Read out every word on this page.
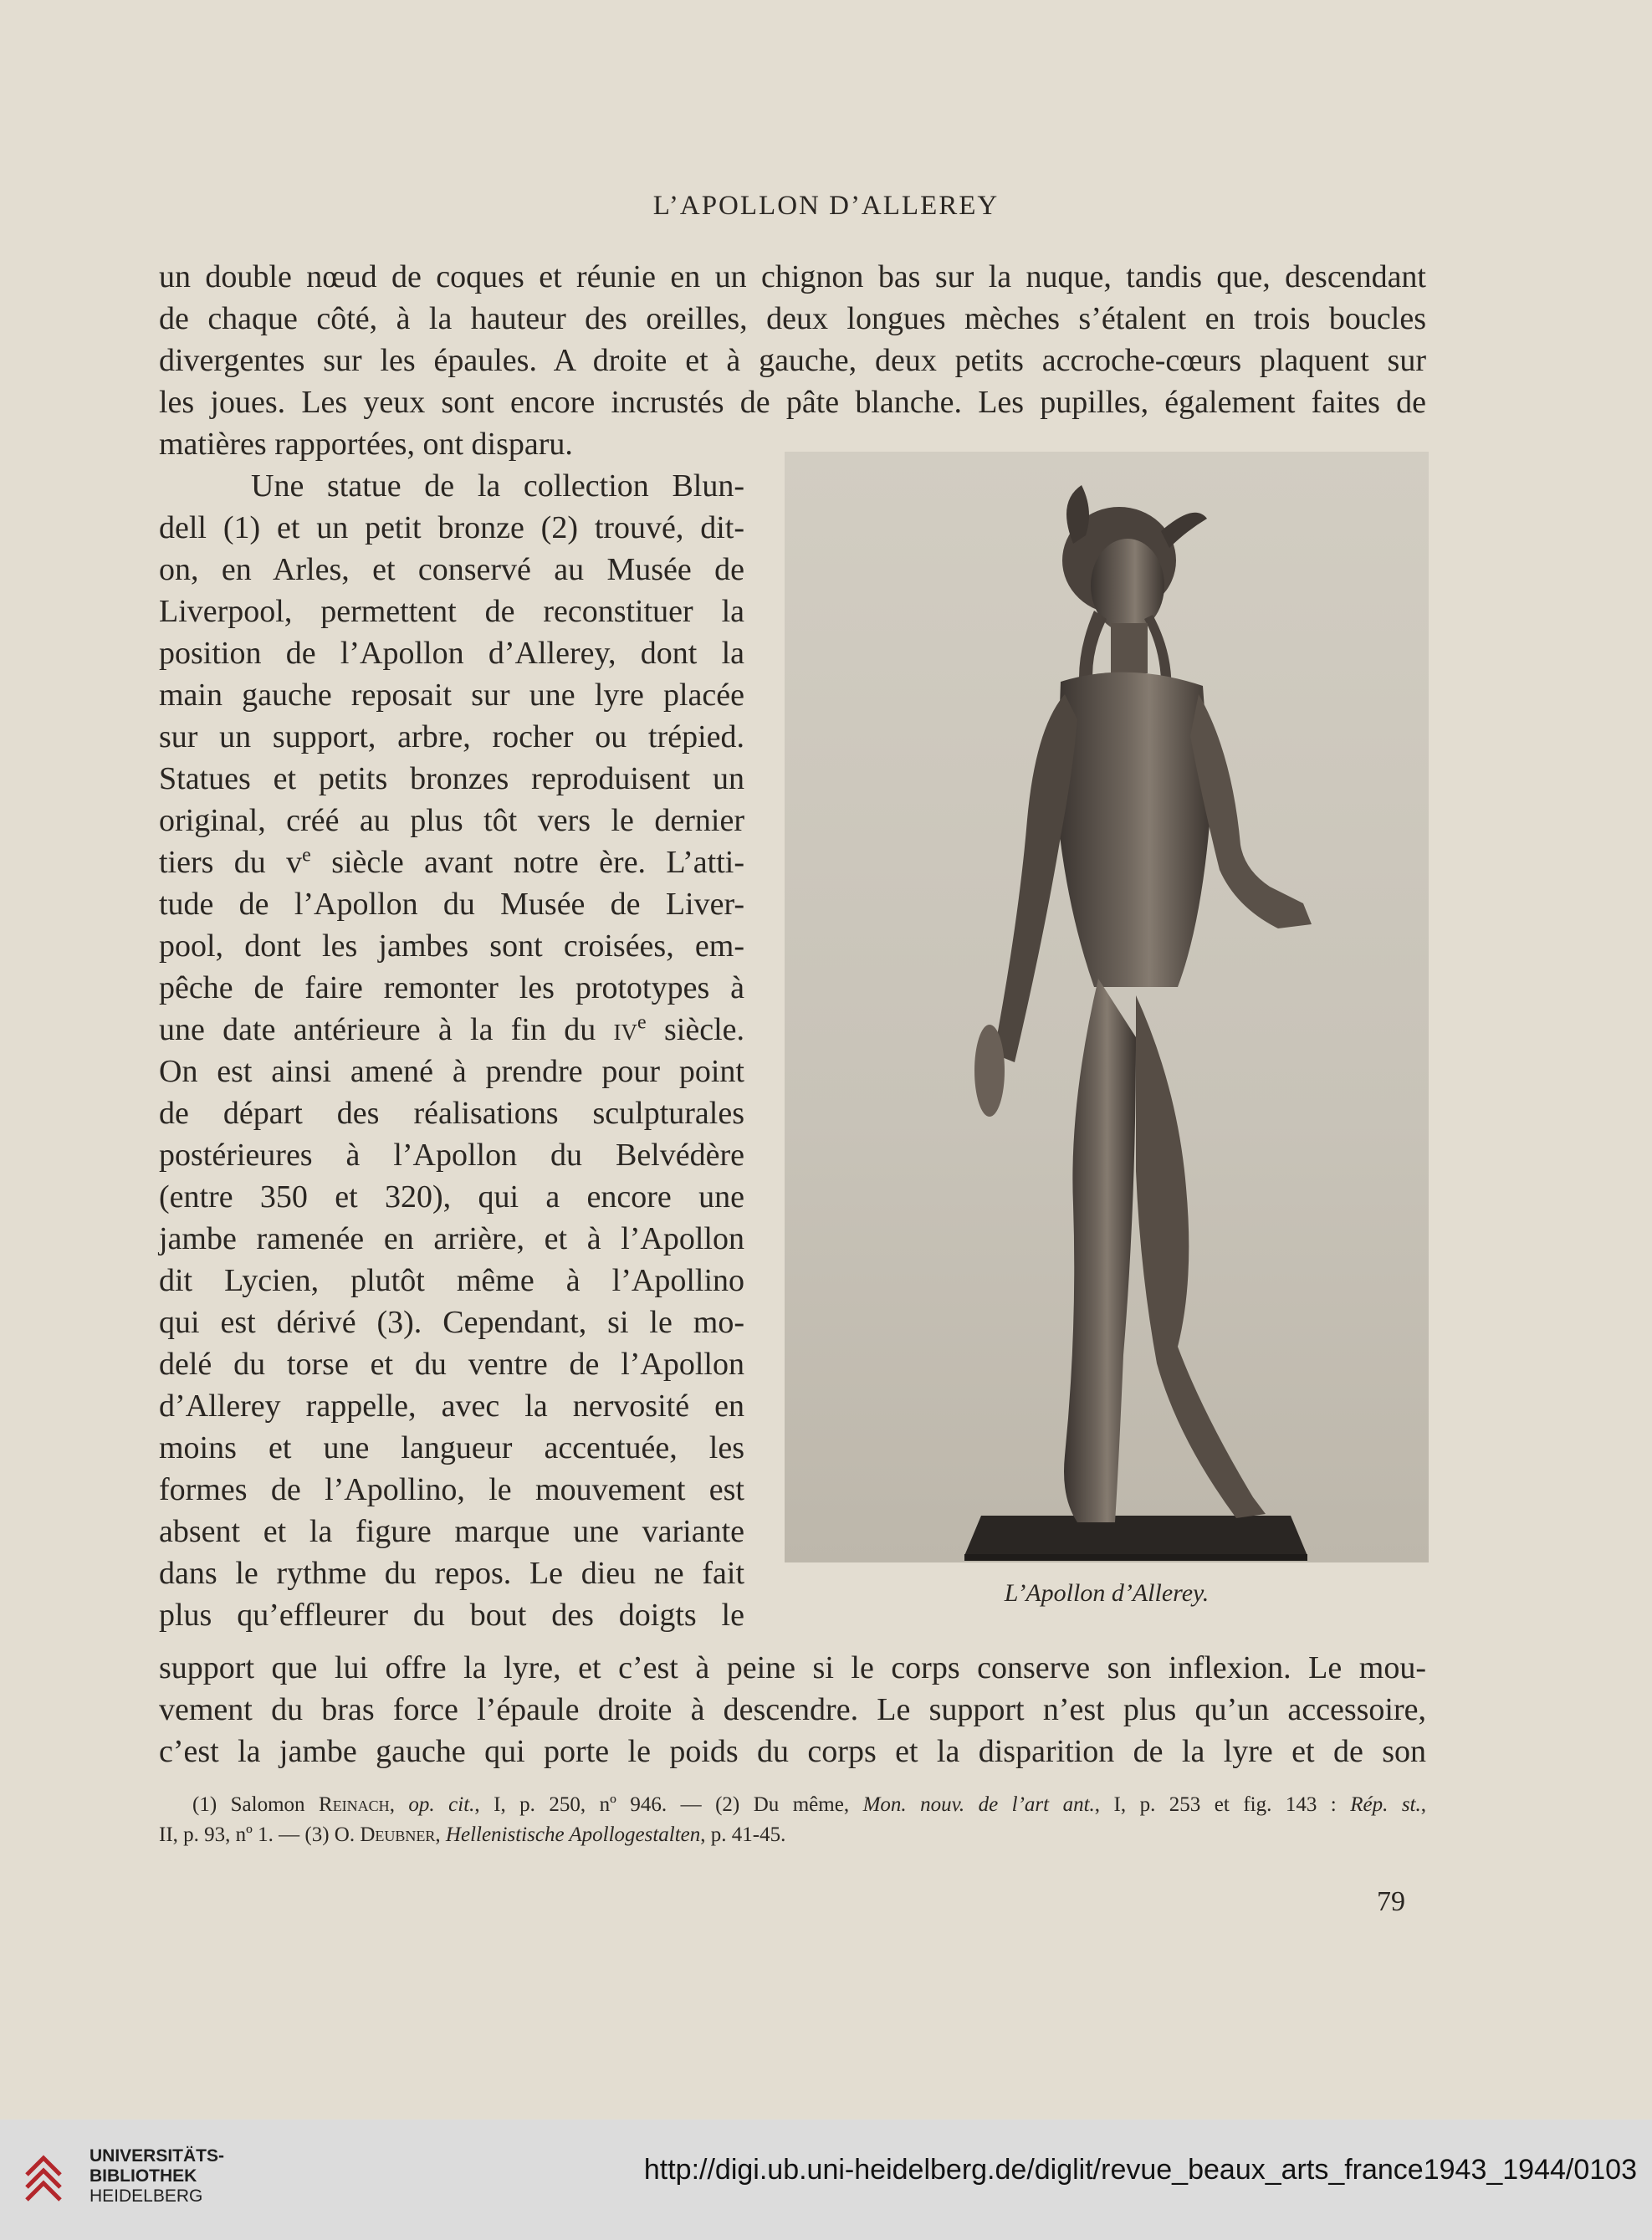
L’APOLLON D’ALLEREY
un double nœud de coques et réunie en un chignon bas sur la nuque, tandis que, descendant
de chaque côté, à la hauteur des oreilles, deux longues mèches s’étalent en trois boucles
divergentes sur les épaules. A droite et à gauche, deux petits accroche-cœurs plaquent sur
les joues. Les yeux sont encore incrustés de pâte blanche. Les pupilles, également faites de
matières rapportées, ont disparu.
Une statue de la collection Blun-
dell (1) et un petit bronze (2) trouvé, dit-
on, en Arles, et conservé au Musée de
Liverpool, permettent de reconstituer la
position de l’Apollon d’Allerey, dont la
main gauche reposait sur une lyre placée
sur un support, arbre, rocher ou trépied.
Statues et petits bronzes reproduisent un
original, créé au plus tôt vers le dernier
tiers du $v^e$ siècle avant notre ère. L’atti-
tude de l’Apollon du Musée de Liver-
pool, dont les jambes sont croisées, em-
pêche de faire remonter les prototypes à
une date antérieure à la fin du $iv^e$ siècle.
On est ainsi amené à prendre pour point
de départ des réalisations sculpturales
postérieures à l’Apollon du Belvédère
(entre 350 et 320), qui a encore une
jambe ramenée en arrière, et à l’Apollon
dit Lycien, plutôt même à l’Apollino
qui est dérivé (3). Cependant, si le mo-
delé du torse et du ventre de l’Apollon
d’Allerey rappelle, avec la nervosité en
moins et une langueur accentuée, les
formes de l’Apollino, le mouvement est
absent et la figure marque une variante
dans le rythme du repos. Le dieu ne fait
plus qu’effleurer du bout des doigts le
L’Apollon d’Allerey.
support que lui offre la lyre, et c’est à peine si le corps conserve son inflexion. Le mou-
vement du bras force l’épaule droite à descendre. Le support n’est plus qu’un accessoire,
c’est la jambe gauche qui porte le poids du corps et la disparition de la lyre et de son
(1) Salomon Reinach, op. cit., I, p. 250, nº 946. — (2) Du même, Mon. nouv. de l’art ant., I, p. 253 et fig. 143 : Rép. st.,
II, p. 93, nº 1. — (3) O. Deubner, Hellenistische Apollogestalten, p. 41-45.
79
UNIVERSITÄTS-
BIBLIOTHEK
HEIDELBERG
http://digi.ub.uni-heidelberg.de/diglit/revue_beaux_arts_france1943_1944/0103
